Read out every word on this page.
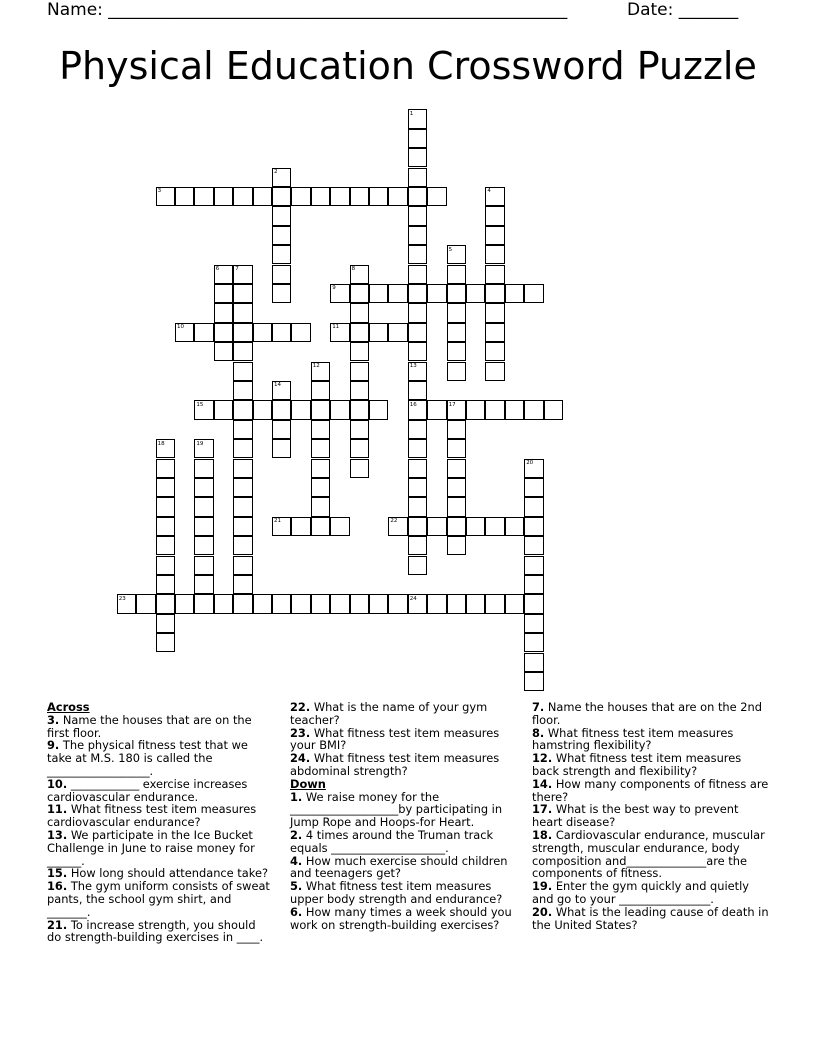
Name: ______________________________________________________	Date: _______
Physical Education Crossword Puzzle
1
2
3	4
5
6	7	8
9
10	11
12	13
14
15	16	17
18	19
20
21	22
23	24

Across

3. Name the houses that are on the first floor.

9. The physical fitness test that we take at M.S. 180 is called the __________________.

10. ____________ exercise increases cardiovascular endurance.

11. What fitness test item measures cardiovascular endurance?

13. We participate in the Ice Bucket Challenge in June to raise money for ______.

15. How long should attendance take?

16. The gym uniform consists of sweat pants, the school gym shirt, and _______.

21. To increase strength, you should do strength-building exercises in ____.

22. What is the name of your gym teacher?

23. What fitness test item measures your BMI?

24. What fitness test item measures abdominal strength?

Down

1. We raise money for the ___________________by participating in Jump Rope and Hoops-for Heart.

2. 4 times around the Truman track equals ____________________.

4. How much exercise should children and teenagers get?

5. What fitness test item measures upper body strength and endurance?

6. How many times a week should you work on strength-building exercises?

7. Name the houses that are on the 2nd floor.

8. What fitness test item measures hamstring flexibility?

12. What fitness test item measures back strength and flexibility?

14. How many components of fitness are there?

17. What is the best way to prevent heart disease?

18. Cardiovascular endurance, muscular strength, muscular endurance, body composition and______________are the components of fitness.

19. Enter the gym quickly and quietly and go to your ________________.

20. What is the leading cause of death in the United States?
